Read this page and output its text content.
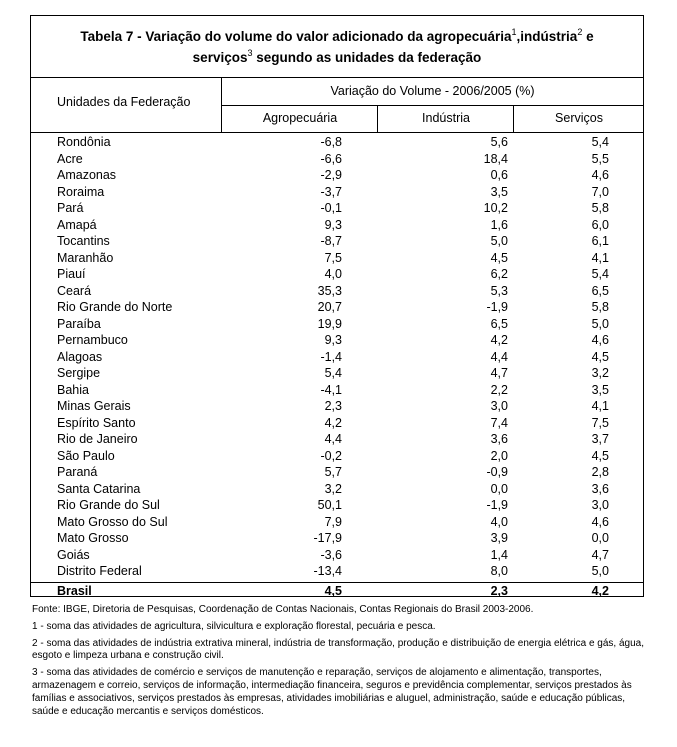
Tabela 7 - Variação do volume do valor adicionado da agropecuária$^1$,indústria$^2$ e
serviços$^3$ segundo as unidades da federação
Unidades da Federação
Variação do Volume - 2006/2005 (%)
Agropecuária	Indústria	Serviços
Rondônia	-6,8	5,6	5,4
Acre	-6,6	18,4	5,5
Amazonas	-2,9	0,6	4,6
Roraima	-3,7	3,5	7,0
Pará	-0,1	10,2	5,8
Amapá	9,3	1,6	6,0
Tocantins	-8,7	5,0	6,1
Maranhão	7,5	4,5	4,1
Piauí	4,0	6,2	5,4
Ceará	35,3	5,3	6,5
Rio Grande do Norte	20,7	-1,9	5,8
Paraíba	19,9	6,5	5,0
Pernambuco	9,3	4,2	4,6
Alagoas	-1,4	4,4	4,5
Sergipe	5,4	4,7	3,2
Bahia	-4,1	2,2	3,5
Minas Gerais	2,3	3,0	4,1
Espírito Santo	4,2	7,4	7,5
Rio de Janeiro	4,4	3,6	3,7
São Paulo	-0,2	2,0	4,5
Paraná	5,7	-0,9	2,8
Santa Catarina	3,2	0,0	3,6
Rio Grande do Sul	50,1	-1,9	3,0
Mato Grosso do Sul	7,9	4,0	4,6
Mato Grosso	-17,9	3,9	0,0
Goiás	-3,6	1,4	4,7
Distrito Federal	-13,4	8,0	5,0
Brasil	4,5	2,3	4,2

Fonte: IBGE, Diretoria de Pesquisas, Coordenação de Contas Nacionais, Contas Regionais do Brasil 2003-2006.

1 - soma das atividades de agricultura, silvicultura e exploração florestal, pecuária e pesca.

2 - soma das atividades de indústria extrativa mineral, indústria de transformação, produção e distribuição de energia elétrica e gás, água, esgoto e limpeza urbana e construção civil.

3 - soma das atividades de comércio e serviços de manutenção e reparação, serviços de alojamento e alimentação, transportes, armazenagem e correio, serviços de informação, intermediação financeira, seguros e previdência complementar, serviços prestados às famílias e associativos, serviços prestados às empresas, atividades imobiliárias e aluguel, administração, saúde e educação públicas, saúde e educação mercantis e serviços domésticos.
